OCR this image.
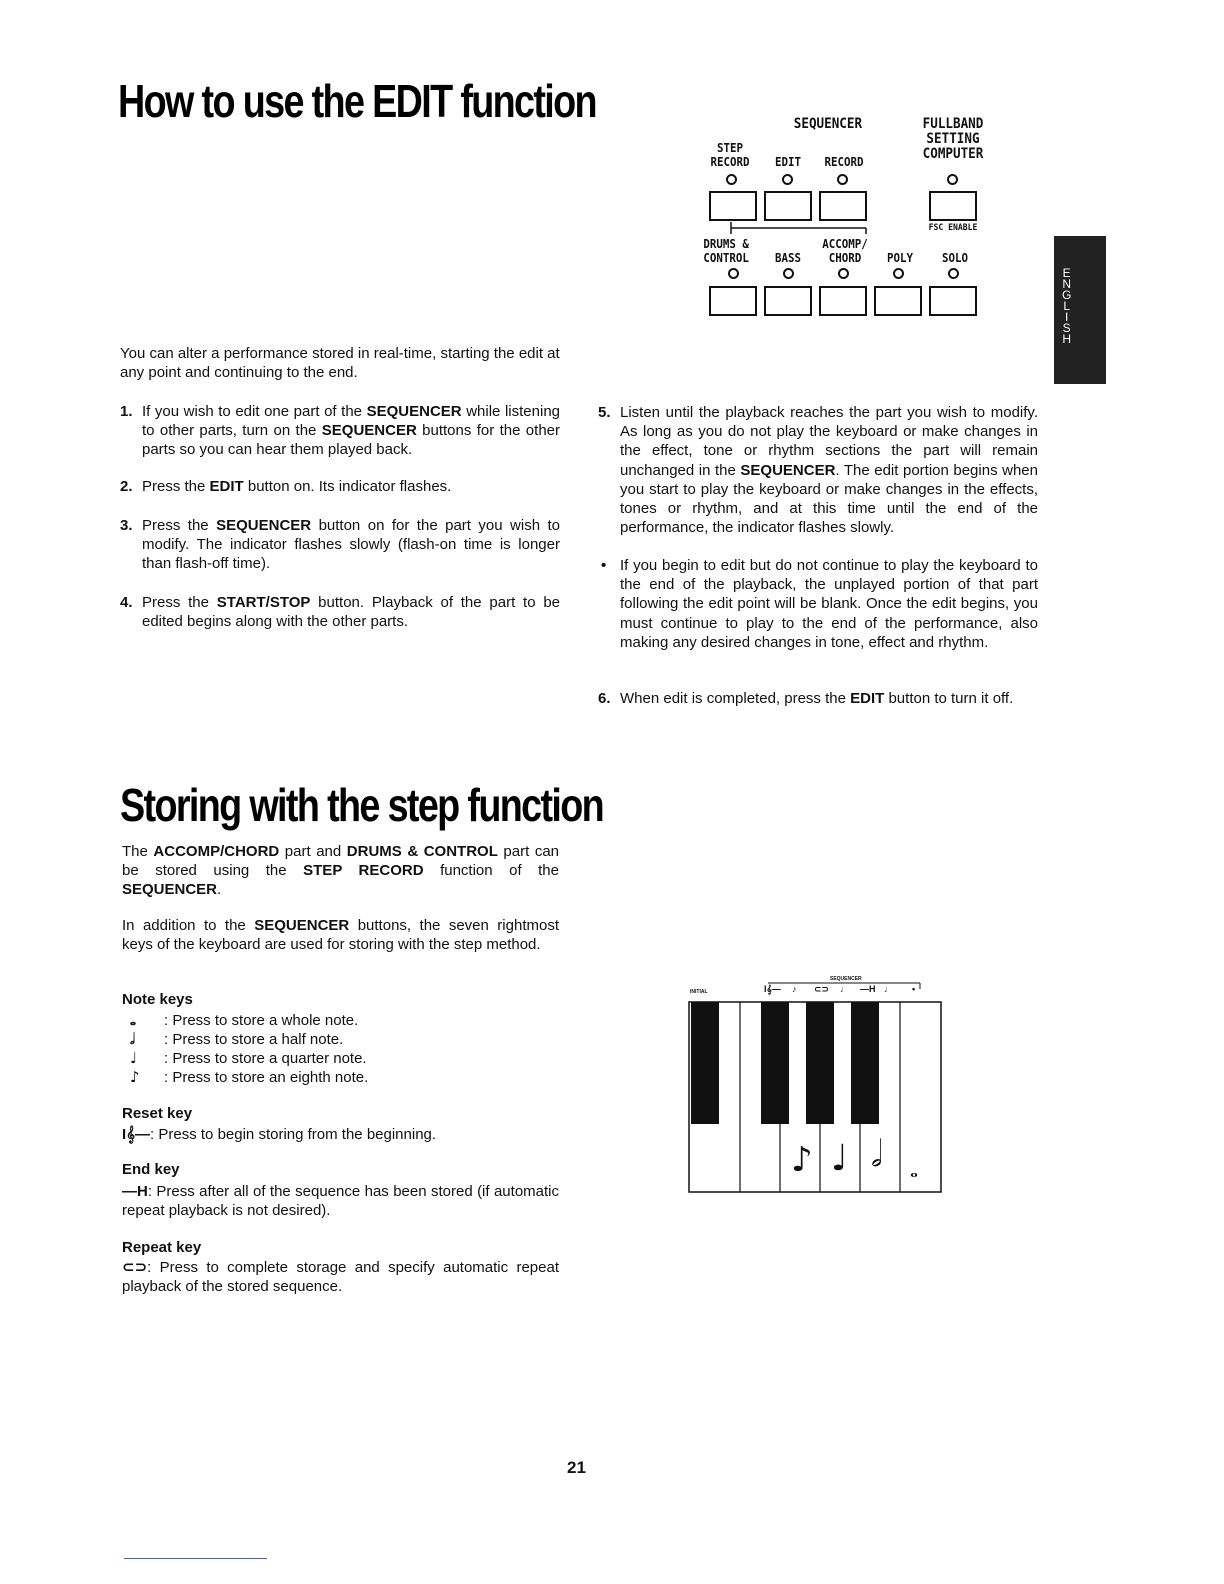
How to use the EDIT function

You can alter a performance stored in real-time, starting the edit at any point and continuing to the end.

1. If you wish to edit one part of the SEQUENCER while listening to other parts, turn on the SEQUENCER buttons for the other parts so you can hear them played back.
2. Press the EDIT button on. Its indicator flashes.
3. Press the SEQUENCER button on for the part you wish to modify. The indicator flashes slowly (flash-on time is longer than flash-off time).
4. Press the START/STOP button. Playback of the part to be edited begins along with the other parts.
5. Listen until the playback reaches the part you wish to modify. As long as you do not play the keyboard or make changes in the effect, tone or rhythm sections the part will remain unchanged in the SEQUENCER. The edit portion begins when you start to play the keyboard or make changes in the effects, tones or rhythm, and at this time until the end of the performance, the indicator flashes slowly.
• If you begin to edit but do not continue to play the keyboard to the end of the playback, the unplayed portion of that part following the edit point will be blank. Once the edit begins, you must continue to play to the end of the performance, also making any desired changes in tone, effect and rhythm.
6. When edit is completed, press the EDIT button to turn it off.
SEQUENCER	FULLBAND
SETTING
COMPUTER
STEP
RECORD	EDIT	RECORD
FSC ENABLE
DRUMS &
CONTROL	BASS
ACCOMP/
CHORD	POLY SOLO
E
N
G
L
I
S
H
Storing with the step function

The ACCOMP/CHORD part and DRUMS & CONTROL part can be stored using the STEP RECORD function of the SEQUENCER.

In addition to the SEQUENCER buttons, the seven rightmost keys of the keyboard are used for storing with the step method.

Note keys
𝅝 : Press to store a whole note.
𝅗𝅥 : Press to store a half note.
♩ : Press to store a quarter note.
♪ : Press to store an eighth note.
Reset key
I𝄞—: Press to begin storing from the beginning.
End key
—H: Press after all of the sequence has been stored (if automatic repeat playback is not desired).
Repeat key
⊂⊃: Press to complete storage and specify automatic repeat playback of the stored sequence.
INITIAL
SEQUENCER
I𝄞— ♪ ⊂⊃ ♩ —H ♩ •
♪ ♩ 𝅗𝅥 𝅝
21
